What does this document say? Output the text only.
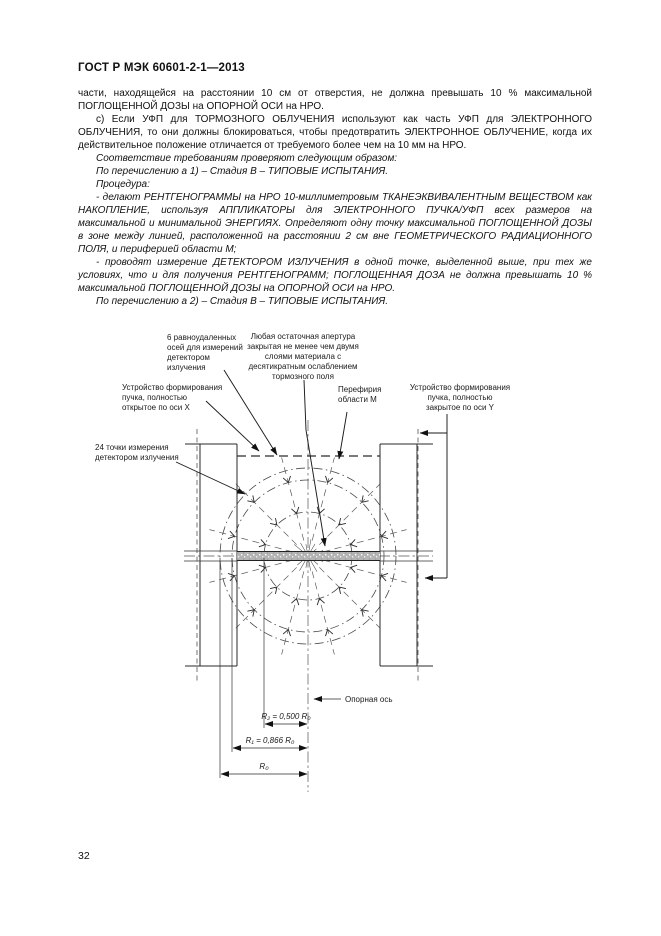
ГОСТ Р МЭК 60601-2-1—2013

части, находящейся на расстоянии 10 см от отверстия, не должна превышать 10 % максимальной ПОГЛОЩЕННОЙ ДОЗЫ на ОПОРНОЙ ОСИ на НРО.

с) Если УФП для ТОРМОЗНОГО ОБЛУЧЕНИЯ используют как часть УФП для ЭЛЕКТРОННОГО ОБЛУЧЕНИЯ, то они должны блокироваться, чтобы предотвратить ЭЛЕКТРОННОЕ ОБЛУЧЕНИЕ, когда их действительное положение отличается от требуемого более чем на 10 мм на НРО.

Соответствие требованиям проверяют следующим образом:

По перечислению а 1) – Стадия В – ТИПОВЫЕ ИСПЫТАНИЯ.

Процедура:

- делают РЕНТГЕНОГРАММЫ на НРО 10-миллиметровым ТКАНЕЭКВИВАЛЕНТНЫМ ВЕЩЕСТВОМ как НАКОПЛЕНИЕ, используя АППЛИКАТОРЫ для ЭЛЕКТРОННОГО ПУЧКА/УФП всех размеров на максимальной и минимальной ЭНЕРГИЯХ. Определяют одну точку максимальной ПОГЛОЩЕННОЙ ДОЗЫ в зоне между линией, расположенной на расстоянии 2 см вне ГЕОМЕТРИЧЕСКОГО РАДИАЦИОННОГО ПОЛЯ, и периферией области М;

- проводят измерение ДЕТЕКТОРОМ ИЗЛУЧЕНИЯ в одной точке, выделенной выше, при тех же условиях, что и для получения РЕНТГЕНОГРАММ; ПОГЛОЩЕННАЯ ДОЗА не должна превышать 10 % максимальной ПОГЛОЩЕННОЙ ДОЗЫ на ОПОРНОЙ ОСИ на НРО.

По перечислению а 2) – Стадия В – ТИПОВЫЕ ИСПЫТАНИЯ.

6 равноудаленных
осей для измерений
детектором
излучения
Любая остаточная апертура
закрытая не менее чем двумя
слоями материала с
десятикратным ослаблением
тормозного поля
Устройство формирования
пучка, полностью
открытое по оси X
Перефирия
области М
Устройство формирования
пучка, полностью
закрытое по оси Y
24 точки измерения
детектором излучения
Опорная ось
R₂ = 0,500 R₀
R₁ = 0,866 R₀
R₀
32
